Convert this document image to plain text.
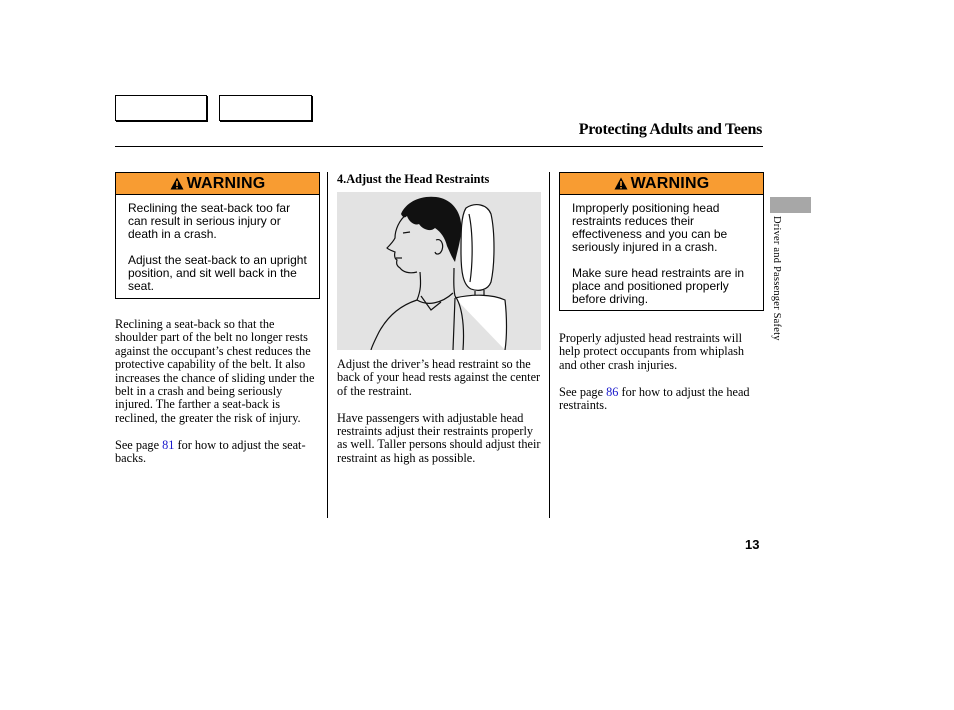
Protecting Adults and Teens
WARNING

Reclining the seat-back too far can result in serious injury or death in a crash.

Adjust the seat-back to an upright position, and sit well back in the seat.

Reclining a seat-back so that the shoulder part of the belt no longer rests against the occupant’s chest reduces the protective capability of the belt. It also increases the chance of sliding under the belt in a crash and being seriously injured. The farther a seat-back is reclined, the greater the risk of injury.

See page 81 for how to adjust the seat-backs.

4.Adjust the Head Restraints

Adjust the driver’s head restraint so the back of your head rests against the center of the restraint.

Have passengers with adjustable head restraints adjust their restraints properly as well. Taller persons should adjust their restraint as high as possible.

WARNING

Improperly positioning head restraints reduces their effectiveness and you can be seriously injured in a crash.

Make sure head restraints are in place and positioned properly before driving.

Properly adjusted head restraints will help protect occupants from whiplash and other crash injuries.

See page 86 for how to adjust the head restraints.

Driver and Passenger Safety
13
